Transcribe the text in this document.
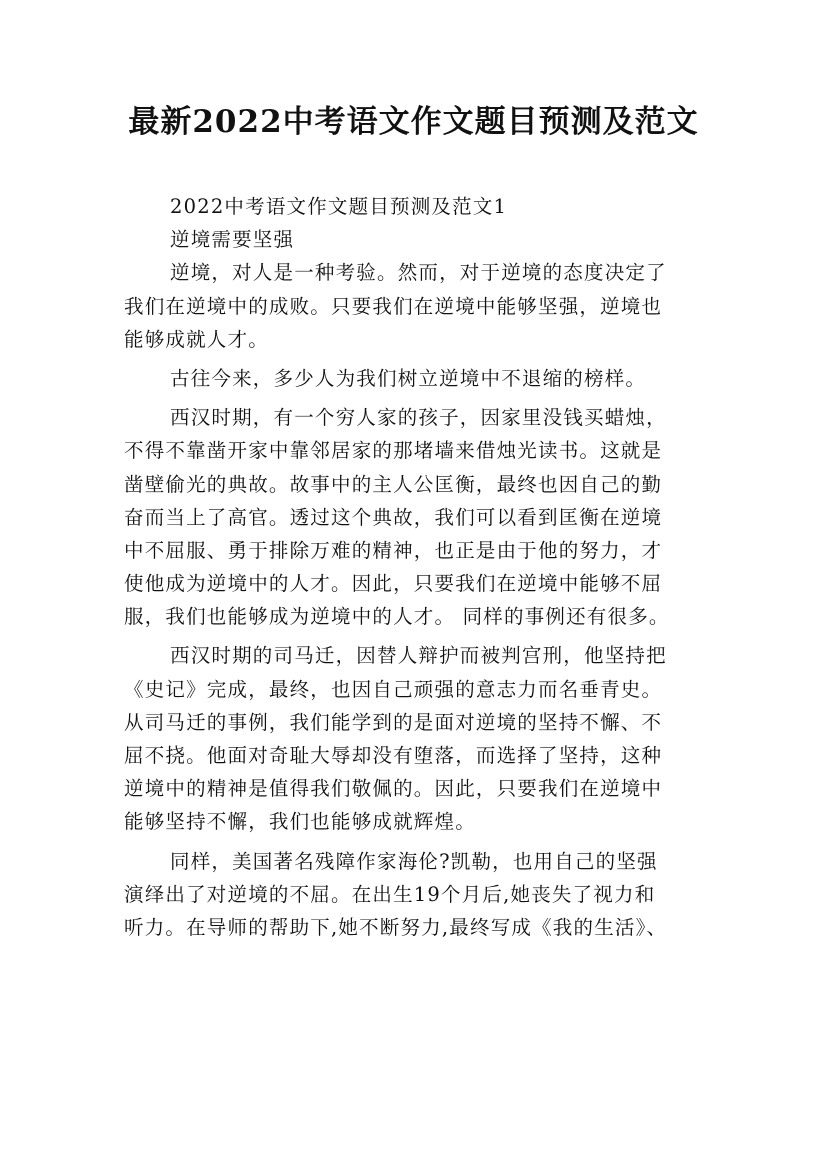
最新2022中考语文作文题目预测及范文
2022中考语文作文题目预测及范文1
逆境需要坚强
逆境，对人是一种考验。然而，对于逆境的态度决定了
我们在逆境中的成败。只要我们在逆境中能够坚强，逆境也
能够成就人才。
古往今来，多少人为我们树立逆境中不退缩的榜样。
西汉时期，有一个穷人家的孩子，因家里没钱买蜡烛，
不得不靠凿开家中靠邻居家的那堵墙来借烛光读书。这就是
凿壁偷光的典故。故事中的主人公匡衡，最终也因自己的勤
奋而当上了高官。透过这个典故，我们可以看到匡衡在逆境
中不屈服、勇于排除万难的精神，也正是由于他的努力，才
使他成为逆境中的人才。因此，只要我们在逆境中能够不屈
服，我们也能够成为逆境中的人才。 同样的事例还有很多。
西汉时期的司马迁，因替人辩护而被判宫刑，他坚持把
《史记》完成，最终，也因自己顽强的意志力而名垂青史。
从司马迁的事例，我们能学到的是面对逆境的坚持不懈、不
屈不挠。他面对奇耻大辱却没有堕落，而选择了坚持，这种
逆境中的精神是值得我们敬佩的。因此，只要我们在逆境中
能够坚持不懈，我们也能够成就辉煌。
同样，美国著名残障作家海伦?凯勒，也用自己的坚强
演绎出了对逆境的不屈。在出生19个月后,她丧失了视力和
听力。在导师的帮助下,她不断努力,最终写成《我的生活》、
